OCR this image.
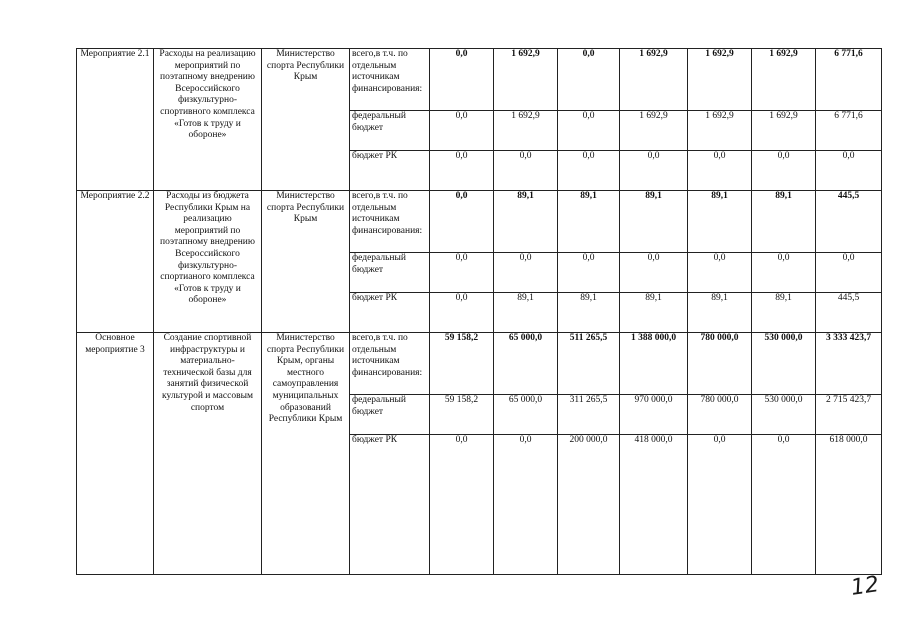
Мероприятие 2.1	Расходы на реализацию мероприятий по поэтапному внедрению Всероссийского физкультурно-спортивного комплекса «Готов к труду и обороне»	Министерство спорта Республики Крым	всего,в т.ч. по отдельным источникам финансирования:	0,0	1 692,9	0,0	1 692,9	1 692,9	1 692,9	6 771,6
			федеральный бюджет	0,0	1 692,9	0,0	1 692,9	1 692,9	1 692,9	6 771,6
			бюджет РК	0,0	0,0	0,0	0,0	0,0	0,0	0,0
Мероприятие 2.2	Расходы из бюджета Республики Крым на реализацию мероприятий по поэтапному внедрению Всероссийского физкультурно-спортианого комплекса «Готов к труду и обороне»	Министерство спорта Республики Крым	всего,в т.ч. по отдельным источникам финансирования:	0,0	89,1	89,1	89,1	89,1	89,1	445,5
			федеральный бюджет	0,0	0,0	0,0	0,0	0,0	0,0	0,0
			бюджет РК	0,0	89,1	89,1	89,1	89,1	89,1	445,5
Основное мероприятие 3	Создание спортивной инфраструктуры и материально-технической базы для занятий физической культурой и массовым спортом	Министерство спорта Республики Крым, органы местного самоуправления муниципальных образований Республики Крым	всего,в т.ч. по отдельным источникам финансирования:	59 158,2	65 000,0	511 265,5	1 388 000,0	780 000,0	530 000,0	3 333 423,7
			федеральный бюджет	59 158,2	65 000,0	311 265,5	970 000,0	780 000,0	530 000,0	2 715 423,7
			бюджет РК	0,0	0,0	200 000,0	418 000,0	0,0	0,0	618 000,0
12
